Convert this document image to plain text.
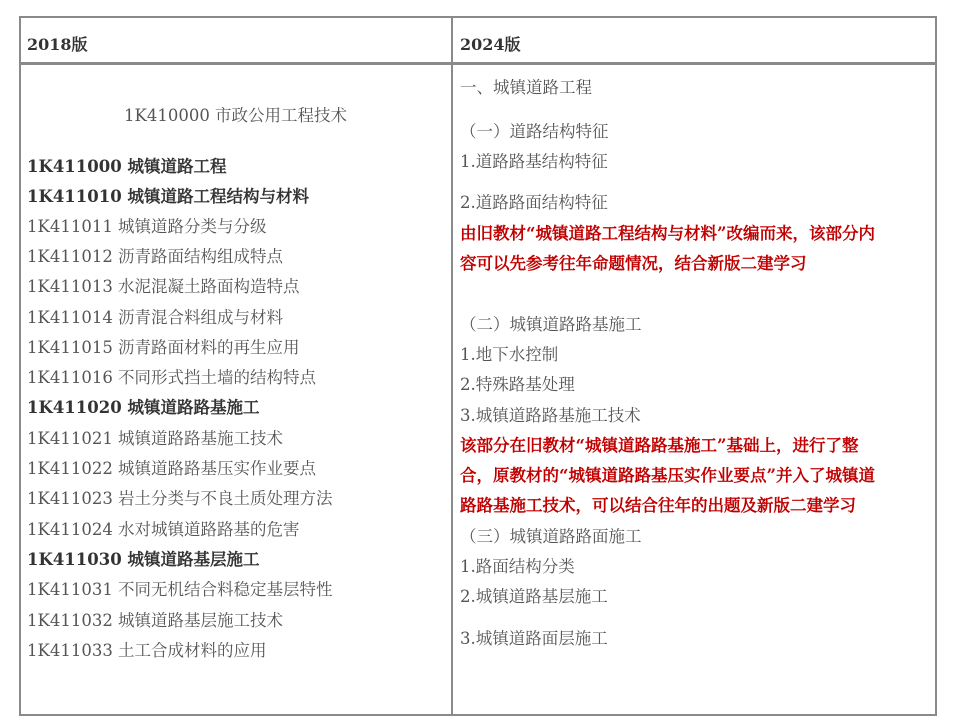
2018版	2024版
1K410000 市政公用工程技术
1K411000 城镇道路工程
1K411010 城镇道路工程结构与材料
1K411011 城镇道路分类与分级
1K411012 沥青路面结构组成特点
1K411013 水泥混凝土路面构造特点
1K411014 沥青混合料组成与材料
1K411015 沥青路面材料的再生应用
1K411016 不同形式挡土墙的结构特点
1K411020 城镇道路路基施工
1K411021 城镇道路路基施工技术
1K411022 城镇道路路基压实作业要点
1K411023 岩土分类与不良土质处理方法
1K411024 水对城镇道路路基的危害
1K411030 城镇道路基层施工
1K411031 不同无机结合料稳定基层特性
1K411032 城镇道路基层施工技术
1K411033 土工合成材料的应用
一、城镇道路工程
（一）道路结构特征
1.道路路基结构特征
2.道路路面结构特征
由旧教材“城镇道路工程结构与材料”改编而来，该部分内
容可以先参考往年命题情况，结合新版二建学习
（二）城镇道路路基施工
1.地下水控制
2.特殊路基处理
3.城镇道路路基施工技术
该部分在旧教材“城镇道路路基施工”基础上，进行了整
合，原教材的“城镇道路路基压实作业要点”并入了城镇道
路路基施工技术，可以结合往年的出题及新版二建学习
（三）城镇道路路面施工
1.路面结构分类
2.城镇道路基层施工
3.城镇道路面层施工
